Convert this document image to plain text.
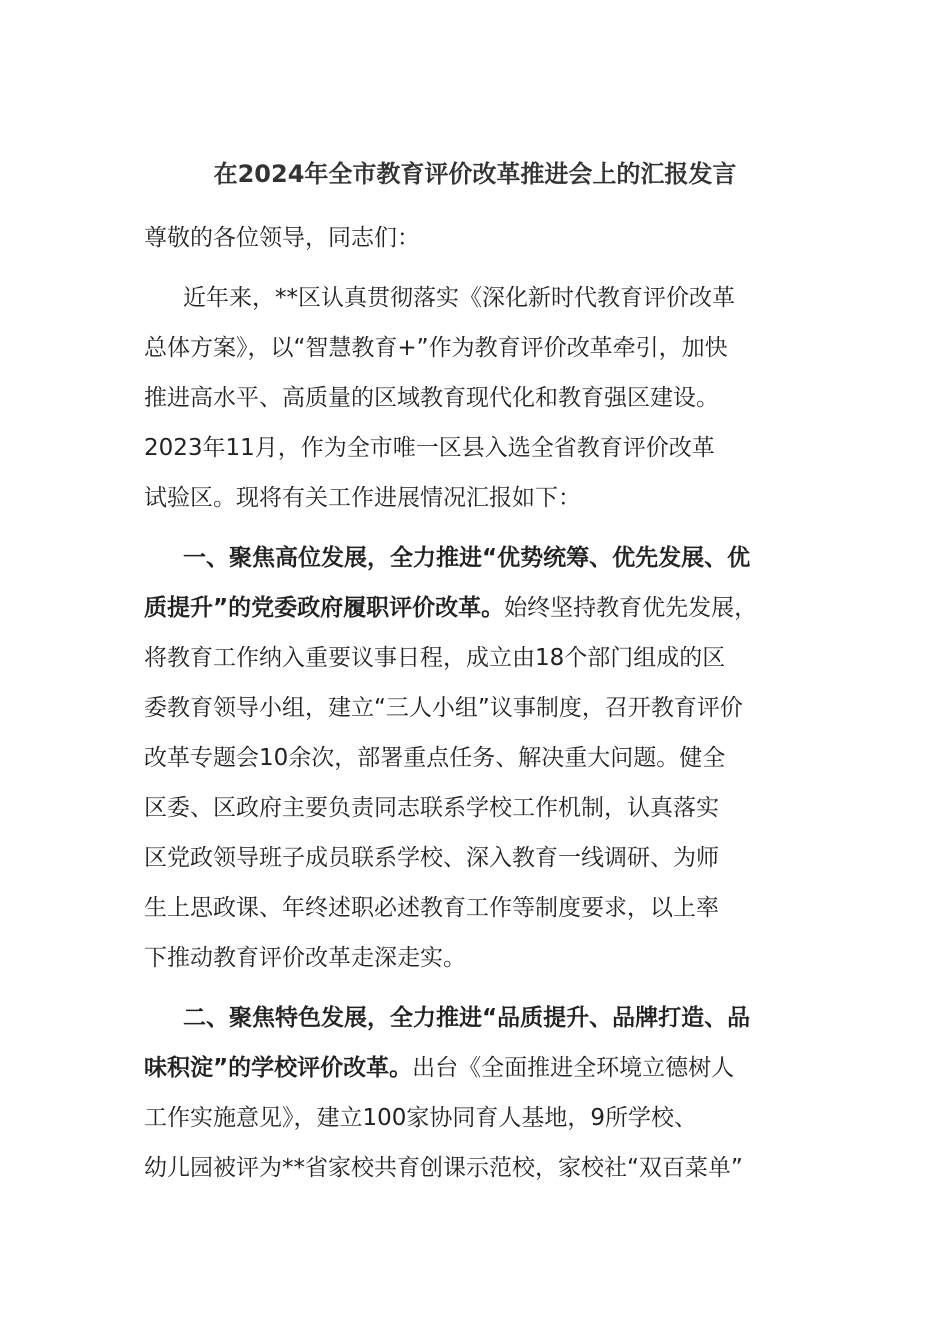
在2024年全市教育评价改革推进会上的汇报发言

尊敬的各位领导，同志们：

近年来，**区认真贯彻落实《深化新时代教育评价改革
总体方案》，以“智慧教育+”作为教育评价改革牵引，加快
推进高水平、高质量的区域教育现代化和教育强区建设。
2023年11月，作为全市唯一区县入选全省教育评价改革
试验区。现将有关工作进展情况汇报如下：
一、聚焦高位发展，全力推进“优势统筹、优先发展、优
质提升”的党委政府履职评价改革。始终坚持教育优先发展，
将教育工作纳入重要议事日程，成立由18个部门组成的区
委教育领导小组，建立“三人小组”议事制度，召开教育评价
改革专题会10余次，部署重点任务、解决重大问题。健全
区委、区政府主要负责同志联系学校工作机制，认真落实
区党政领导班子成员联系学校、深入教育一线调研、为师
生上思政课、年终述职必述教育工作等制度要求，以上率
下推动教育评价改革走深走实。
二、聚焦特色发展，全力推进“品质提升、品牌打造、品
味积淀”的学校评价改革。出台《全面推进全环境立德树人
工作实施意见》，建立100家协同育人基地，9所学校、
幼儿园被评为**省家校共育创课示范校，家校社“双百菜单”
